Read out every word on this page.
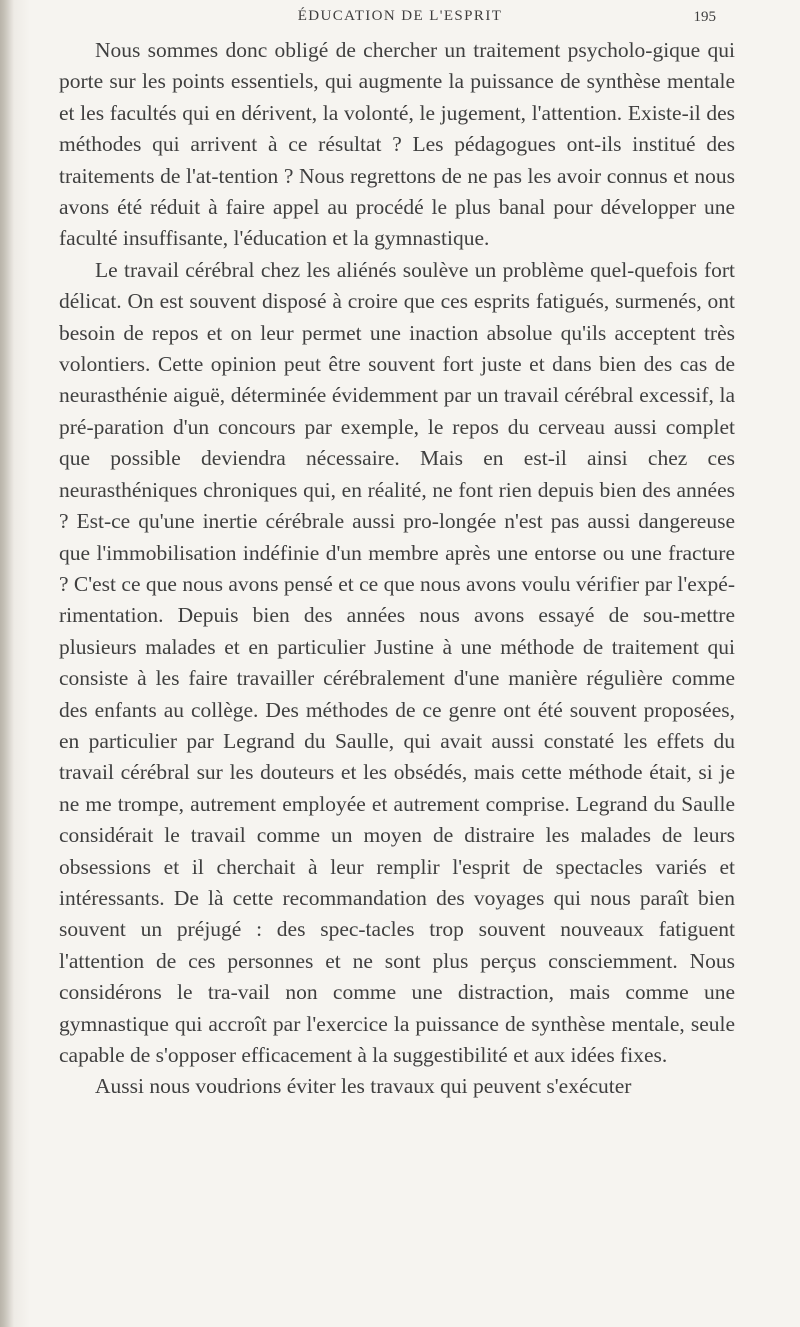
ÉDUCATION DE L'ESPRIT	195

Nous sommes donc obligé de chercher un traitement psycholo-gique qui porte sur les points essentiels, qui augmente la puissance de synthèse mentale et les facultés qui en dérivent, la volonté, le jugement, l'attention. Existe-il des méthodes qui arrivent à ce résultat ? Les pédagogues ont-ils institué des traitements de l'at-tention ? Nous regrettons de ne pas les avoir connus et nous avons été réduit à faire appel au procédé le plus banal pour développer une faculté insuffisante, l'éducation et la gymnastique.

Le travail cérébral chez les aliénés soulève un problème quel-quefois fort délicat. On est souvent disposé à croire que ces esprits fatigués, surmenés, ont besoin de repos et on leur permet une inaction absolue qu'ils acceptent très volontiers. Cette opinion peut être souvent fort juste et dans bien des cas de neurasthénie aiguë, déterminée évidemment par un travail cérébral excessif, la pré-paration d'un concours par exemple, le repos du cerveau aussi complet que possible deviendra nécessaire. Mais en est-il ainsi chez ces neurasthéniques chroniques qui, en réalité, ne font rien depuis bien des années ? Est-ce qu'une inertie cérébrale aussi pro-longée n'est pas aussi dangereuse que l'immobilisation indéfinie d'un membre après une entorse ou une fracture ? C'est ce que nous avons pensé et ce que nous avons voulu vérifier par l'expé-rimentation. Depuis bien des années nous avons essayé de sou-mettre plusieurs malades et en particulier Justine à une méthode de traitement qui consiste à les faire travailler cérébralement d'une manière régulière comme des enfants au collège. Des méthodes de ce genre ont été souvent proposées, en particulier par Legrand du Saulle, qui avait aussi constaté les effets du travail cérébral sur les douteurs et les obsédés, mais cette méthode était, si je ne me trompe, autrement employée et autrement comprise. Legrand du Saulle considérait le travail comme un moyen de distraire les malades de leurs obsessions et il cherchait à leur remplir l'esprit de spectacles variés et intéressants. De là cette recommandation des voyages qui nous paraît bien souvent un préjugé : des spec-tacles trop souvent nouveaux fatiguent l'attention de ces personnes et ne sont plus perçus consciemment. Nous considérons le tra-vail non comme une distraction, mais comme une gymnastique qui accroît par l'exercice la puissance de synthèse mentale, seule capable de s'opposer efficacement à la suggestibilité et aux idées fixes.

Aussi nous voudrions éviter les travaux qui peuvent s'exécuter
